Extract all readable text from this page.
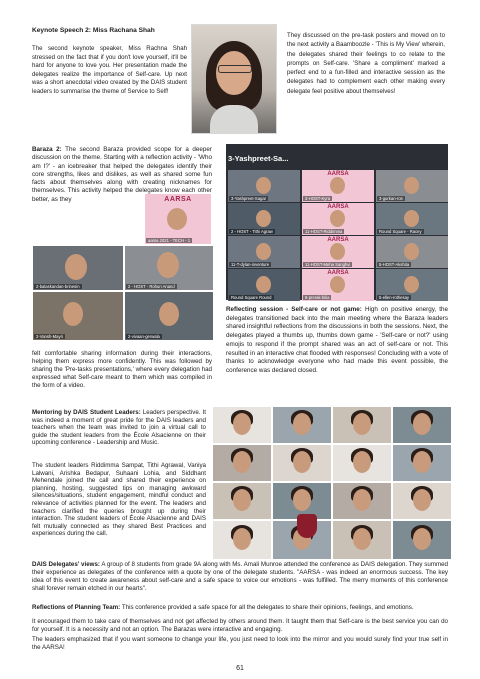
Keynote Speech 2: Miss Rachana Shah

The second keynote speaker, Miss Rachna Shah stressed on the fact that if you don't love yourself, it'll be hard for anyone to love you. Her presentation made the delegates realize the importance of Self-care. Up next was a short anecdotal video created by the DAIS student leaders to summarise the theme of Service to Self!

They discussed on the pre-task posters and moved on to the next activity a Baamboozle - 'This is My View' wherein, the delegates shared their feelings to co relate to the prompts on Self-care. 'Share a compliment' marked a perfect end to a fun-filled and interactive session as the delegates had to complement each other making every delegate feel positive about themselves!

Baraza 2: The second Baraza provided scope for a deeper discussion on the theme. Starting with a reflection activity - 'Who am I?' - an icebreaker that helped the delegates identify their core strengths, likes and dislikes, as well as shared some fun facts about themselves along with creating nicknames for themselves. This activity helped the delegates know each other better, as they	AARSA
aarsa 2021 - TECH - 1
2-balaskandan-brinesin	2 - HOST - Rohun Anand
2-Vansh-Mayri	2-vivaan-gerwala

felt comfortable sharing information during their interactions, helping them express more confidently. This was followed by sharing the 'Pre-tasks presentations,' where every delegation had expressed what Self-care meant to them which was compiled in the form of a video.

3-Yashpreet-Sa...
3-Yashpreet-Sagar
AARSA
3-HOST-Kyra	3-gurkan-ros
2 - HOST - Tithi Agraw
AARSA
11-HOST-Riddimma	Round Square - Racey
11-T-dylan-inventure
AARSA
11-HOST-Meha Sanghvi	5-HOST-Akshita
Round Square Round
AARSA
6-prerak-bilia	5-ellen-rothesay
Reflecting session - Self-care or not game: High on positive energy, the delegates transitioned back into the main meeting where the Baraza leaders shared insightful reflections from the discussions in both the sessions. Next, the delegates played a thumbs up, thumbs down game - 'Self-care or not?' using emojis to respond if the prompt shared was an act of self-care or not. This resulted in an interactive chat flooded with responses! Concluding with a vote of thanks to acknowledge everyone who had made this event possible, the conference was declared closed.
Mentoring by DAIS Student Leaders: Leaders perspective. It was indeed a moment of great pride for the DAIS leaders and teachers when the team was invited to join a virtual call to guide the student leaders from the École Alsacienne on their upcoming conference - Leadership and Music.

The student leaders Riddimma Sampat, Tithi Agrawal, Vaniya Lalwani, Arishka Bedapur, Suhaani Lohia, and Siddhant Mehendale joined the call and shared their experience on planning, hosting, suggested tips on managing awkward silences/situations, student engagement, mindful conduct and relevance of activities planned for the event. The leaders and teachers clarified the queries brought up during their interaction. The student leaders of École Alsacienne and DAIS felt mutually connected as they shared Best Practices and experiences during the call.

DAIS Delegates' views: A group of 8 students from grade 9A along with Ms. Amali Munroe attended the conference as DAIS delegation. They summed their experience as delegates of the conference with a quote by one of the delegate students. "AARSA - was indeed an enormous success. The key idea of this event to create awareness about self-care and a safe space to voice our emotions - was fulfilled. The merry moments of this conference shall forever remain etched in our hearts".
Reflections of Planning Team: This conference provided a safe space for all the delegates to share their opinions, feelings, and emotions.

It encouraged them to take care of themselves and not get affected by others around them. It taught them that Self-care is the best service you can do for yourself. It is a necessity and not an option. The Barazas were interactive and engaging.

The leaders emphasized that if you want someone to change your life, you just need to look into the mirror and you would surely find your true self in the AARSA!

61
